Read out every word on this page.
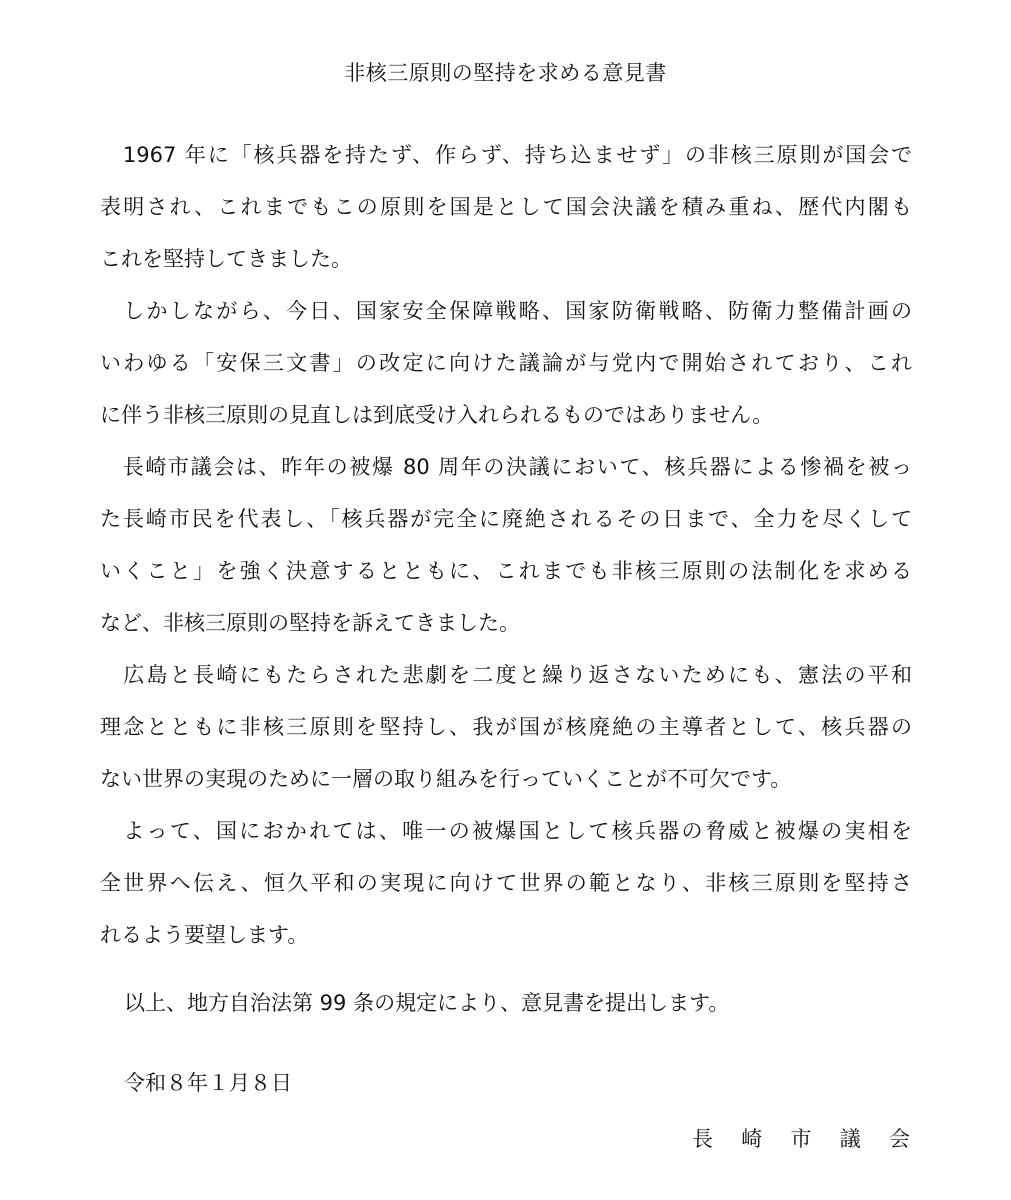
非核三原則の堅持を求める意見書
　1967 年に「核兵器を持たず、作らず、持ち込ませず」の非核三原則が国会で
表明され、これまでもこの原則を国是として国会決議を積み重ね、歴代内閣も
これを堅持してきました。
　しかしながら、今日、国家安全保障戦略、国家防衛戦略、防衛力整備計画の
いわゆる「安保三文書」の改定に向けた議論が与党内で開始されており、これ
に伴う非核三原則の見直しは到底受け入れられるものではありません。
　長崎市議会は、昨年の被爆 80 周年の決議において、核兵器による惨禍を被っ
た長崎市民を代表し、「核兵器が完全に廃絶されるその日まで、全力を尽くして
いくこと」を強く決意するとともに、これまでも非核三原則の法制化を求める
など、非核三原則の堅持を訴えてきました。
　広島と長崎にもたらされた悲劇を二度と繰り返さないためにも、憲法の平和
理念とともに非核三原則を堅持し、我が国が核廃絶の主導者として、核兵器の
ない世界の実現のために一層の取り組みを行っていくことが不可欠です。
　よって、国におかれては、唯一の被爆国として核兵器の脅威と被爆の実相を
全世界へ伝え、恒久平和の実現に向けて世界の範となり、非核三原則を堅持さ
れるよう要望します。
以上、地方自治法第 99 条の規定により、意見書を提出します。
令和８年１月８日
長 崎 市 議 会
